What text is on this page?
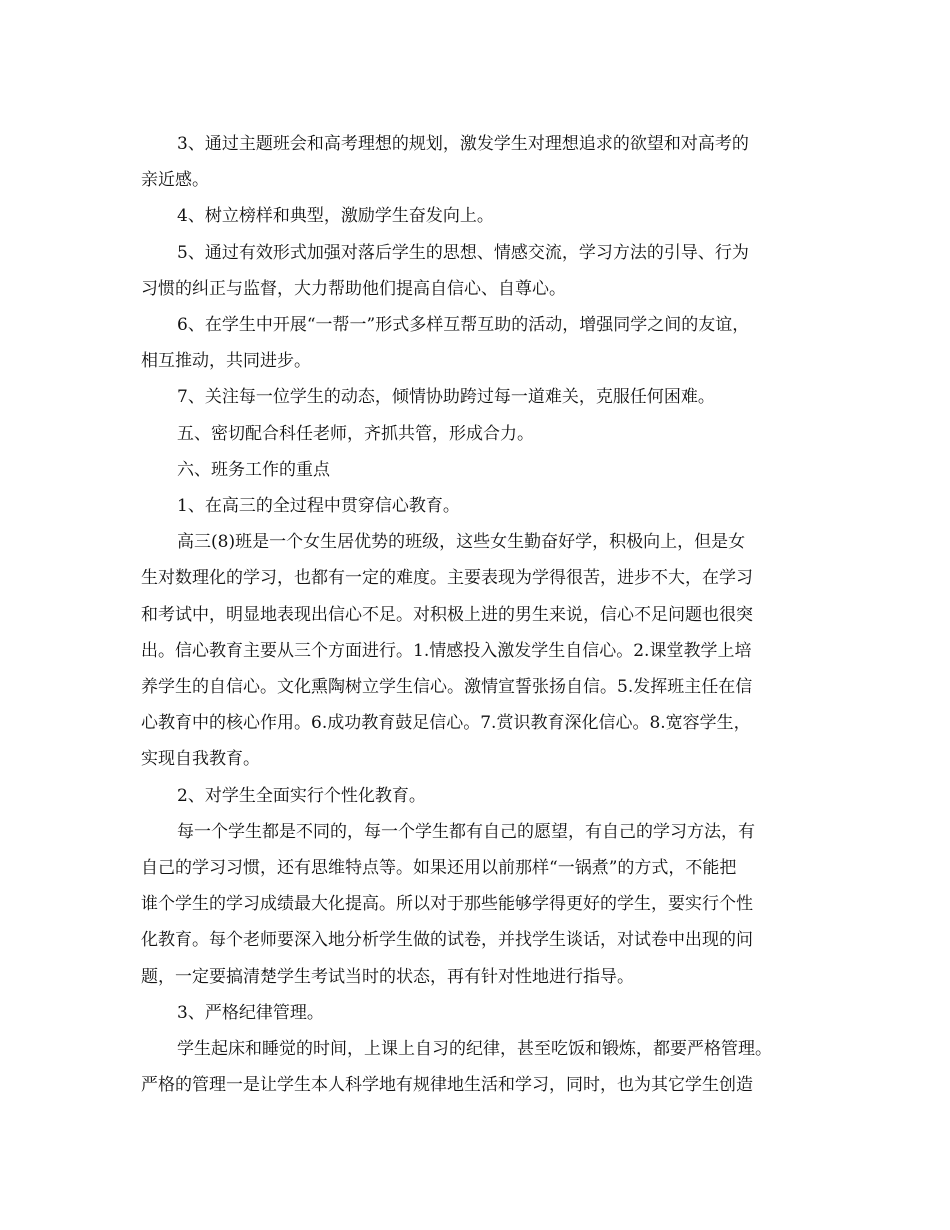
3、通过主题班会和高考理想的规划，激发学生对理想追求的欲望和对高考的
亲近感。

4、树立榜样和典型，激励学生奋发向上。

5、通过有效形式加强对落后学生的思想、情感交流，学习方法的引导、行为
习惯的纠正与监督，大力帮助他们提高自信心、自尊心。

6、在学生中开展“一帮一”形式多样互帮互助的活动，增强同学之间的友谊，
相互推动，共同进步。

7、关注每一位学生的动态，倾情协助跨过每一道难关，克服任何困难。

五、密切配合科任老师，齐抓共管，形成合力。

六、班务工作的重点

1、在高三的全过程中贯穿信心教育。

高三(8)班是一个女生居优势的班级，这些女生勤奋好学，积极向上，但是女
生对数理化的学习，也都有一定的难度。主要表现为学得很苦，进步不大，在学习
和考试中，明显地表现出信心不足。对积极上进的男生来说，信心不足问题也很突
出。信心教育主要从三个方面进行。1.情感投入激发学生自信心。2.课堂教学上培
养学生的自信心。文化熏陶树立学生信心。激情宣誓张扬自信。5.发挥班主任在信
心教育中的核心作用。6.成功教育鼓足信心。7.赏识教育深化信心。8.宽容学生，
实现自我教育。

2、对学生全面实行个性化教育。

每一个学生都是不同的，每一个学生都有自己的愿望，有自己的学习方法，有
自己的学习习惯，还有思维特点等。如果还用以前那样“一锅煮”的方式，不能把
谁个学生的学习成绩最大化提高。所以对于那些能够学得更好的学生，要实行个性
化教育。每个老师要深入地分析学生做的试卷，并找学生谈话，对试卷中出现的问
题，一定要搞清楚学生考试当时的状态，再有针对性地进行指导。

3、严格纪律管理。

学生起床和睡觉的时间，上课上自习的纪律，甚至吃饭和锻炼，都要严格管理。
严格的管理一是让学生本人科学地有规律地生活和学习，同时，也为其它学生创造
